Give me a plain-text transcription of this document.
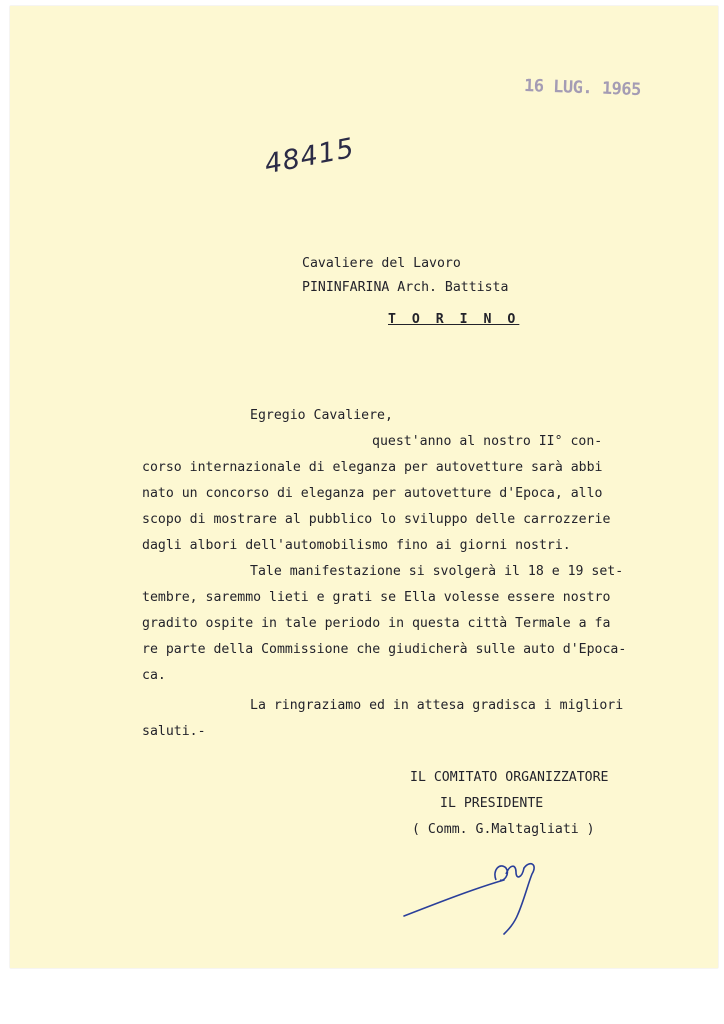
16 LUG. 1965
48415
Cavaliere del Lavoro
PININFARINA Arch. Battista
T O R I N O
Egregio Cavaliere,
quest'anno al nostro II° con-
corso internazionale di eleganza per autovetture sarà abbi
nato un concorso di eleganza per autovetture d'Epoca, allo
scopo di mostrare al pubblico lo sviluppo delle carrozzerie
dagli albori dell'automobilismo fino ai giorni nostri.
Tale manifestazione si svolgerà il 18 e 19 set-
tembre, saremmo lieti e grati se Ella volesse essere nostro
gradito ospite in tale periodo in questa città Termale a fa
re parte della Commissione che giudicherà sulle auto d'Epoca-
ca.
La ringraziamo ed in attesa gradisca i migliori
saluti.-
IL COMITATO ORGANIZZATORE
IL PRESIDENTE
( Comm. G.Maltagliati )
